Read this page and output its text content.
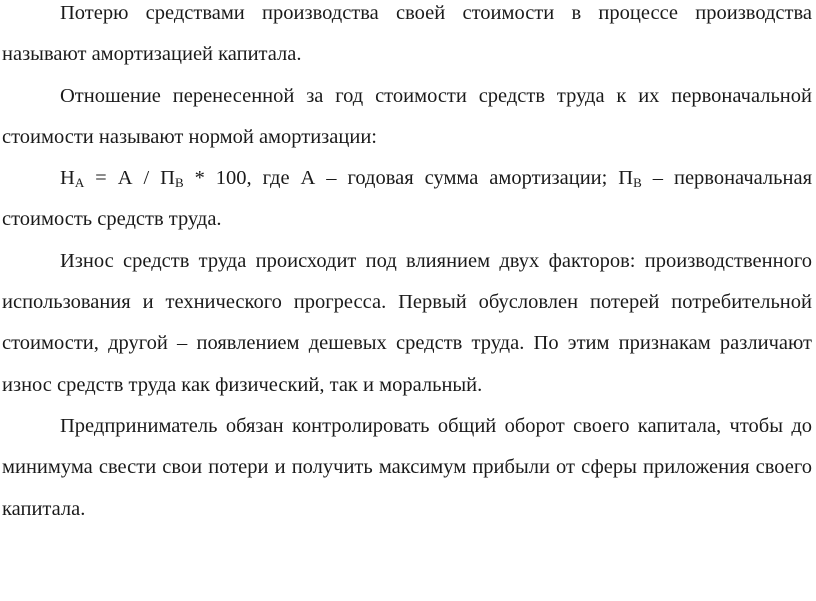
Потерю средствами производства своей стоимости в процессе производства называют амортизацией капитала.

Отношение перенесенной за год стоимости средств труда к их первоначальной стоимости называют нормой амортизации:

$Н_А = А / П_В * 100$, где А – годовая сумма амортизации; $П_В$ – первоначальная стоимость средств труда.

Износ средств труда происходит под влиянием двух факторов: производственного использования и технического прогресса. Первый обусловлен потерей потребительной стоимости, другой – появлением дешевых средств труда. По этим признакам различают износ средств труда как физический, так и моральный.

Предприниматель обязан контролировать общий оборот своего капитала, чтобы до минимума свести свои потери и получить максимум прибыли от сферы приложения своего капитала.
